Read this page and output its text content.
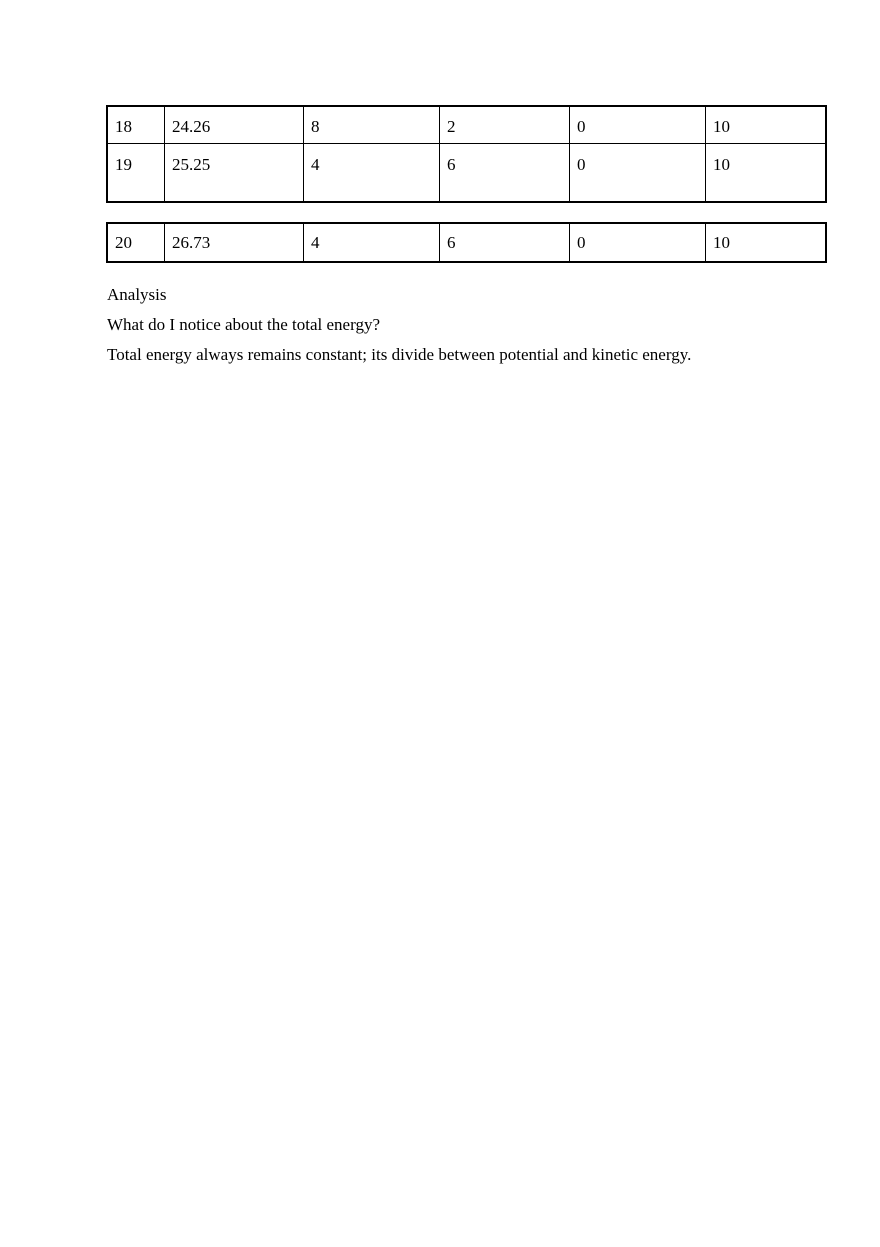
18	24.26	8	2	0	10
19	25.25	4	6	0	10
20	26.73	4	6	0	10
Analysis
What do I notice about the total energy?
Total energy always remains constant; its divide between potential and kinetic energy.
